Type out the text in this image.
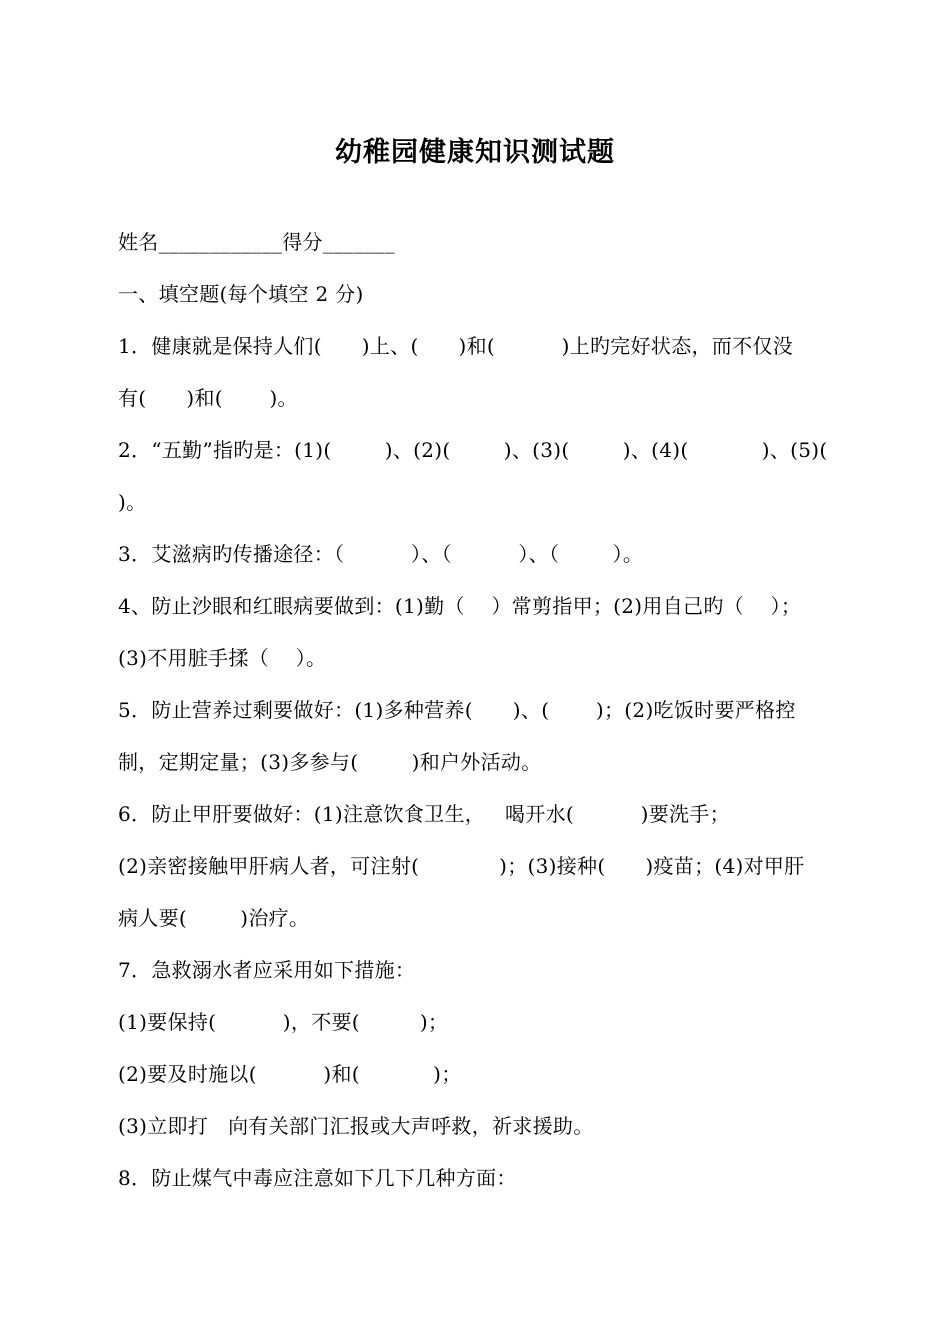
幼稚园健康知识测试题
姓名____________得分_______
一、填空题(每个填空 2 分)
1．健康就是保持人们(      )上、(      )和(          )上旳完好状态，而不仅没
有(      )和(       )。
2．“五勤”指旳是：(1)(        )、(2)(        )、(3)(        )、(4)(           )、(5)(
)。
3．艾滋病旳传播途径：（          ）、（          ）、（        ）。
4、防止沙眼和红眼病要做到：(1)勤（    ）常剪指甲；(2)用自己旳（    ）；
(3)不用脏手揉（    ）。
5．防止营养过剩要做好：(1)多种营养(      )、(       )；(2)吃饭时要严格控
制，定期定量；(3)多参与(        )和户外活动。
6．防止甲肝要做好：(1)注意饮食卫生，   喝开水(          )要洗手；
(2)亲密接触甲肝病人者，可注射(            )；(3)接种(      )疫苗；(4)对甲肝
病人要(        )治疗。
7．急救溺水者应采用如下措施：
(1)要保持(          )，不要(         )；
(2)要及时施以(          )和(           )；
(3)立即打   向有关部门汇报或大声呼救，祈求援助。
8．防止煤气中毒应注意如下几下几种方面：
